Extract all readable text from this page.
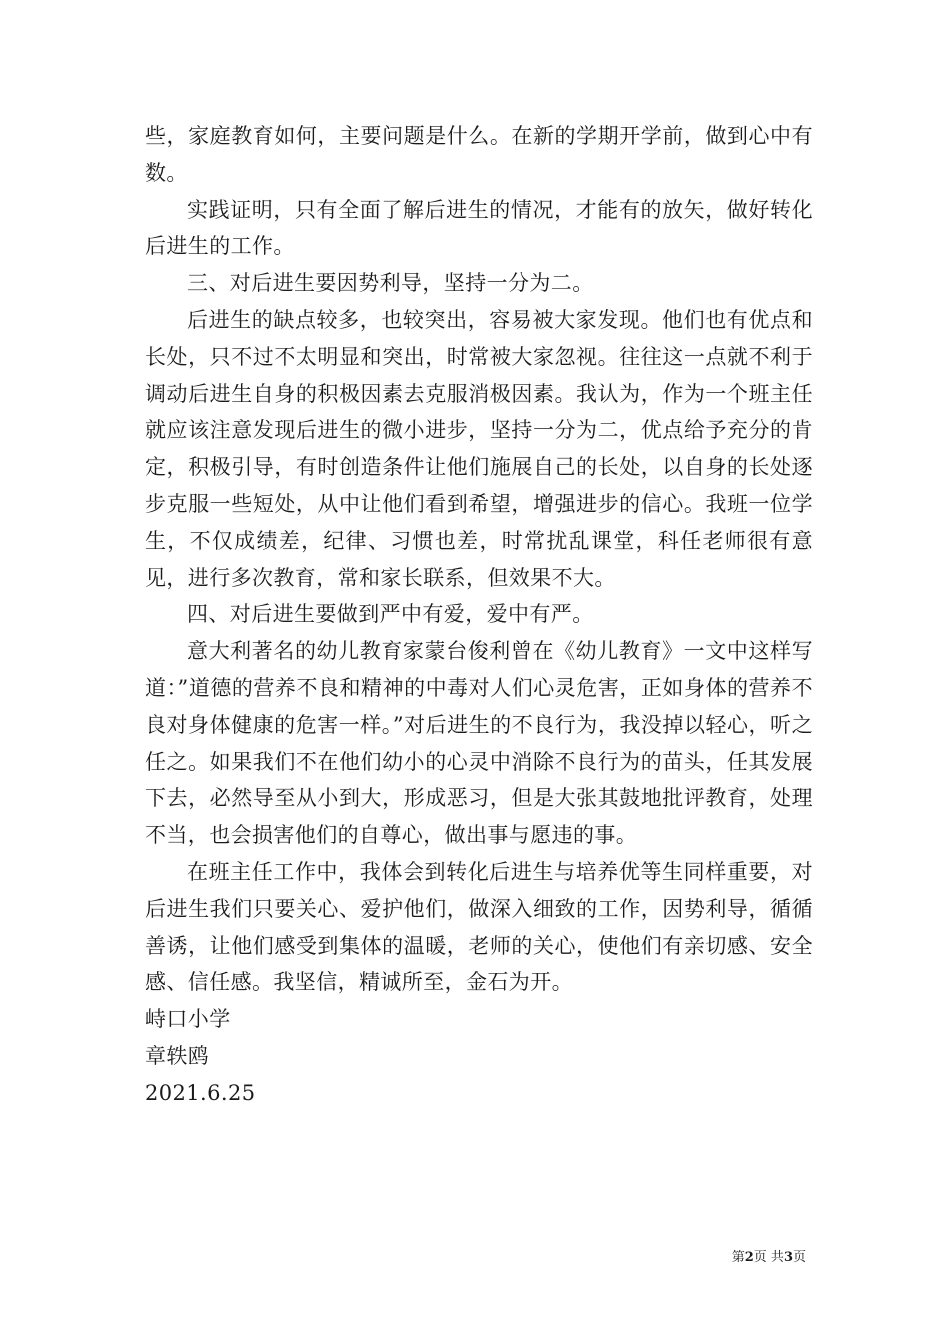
些，家庭教育如何，主要问题是什么。在新的学期开学前，做到心中有数。

实践证明，只有全面了解后进生的情况，才能有的放矢，做好转化后进生的工作。

三、对后进生要因势利导，坚持一分为二。

后进生的缺点较多，也较突出，容易被大家发现。他们也有优点和长处，只不过不太明显和突出，时常被大家忽视。往往这一点就不利于调动后进生自身的积极因素去克服消极因素。我认为，作为一个班主任就应该注意发现后进生的微小进步，坚持一分为二，优点给予充分的肯定，积极引导，有时创造条件让他们施展自己的长处，以自身的长处逐步克服一些短处，从中让他们看到希望，增强进步的信心。我班一位学生，不仅成绩差，纪律、习惯也差，时常扰乱课堂，科任老师很有意见，进行多次教育，常和家长联系，但效果不大。

四、对后进生要做到严中有爱，爱中有严。

意大利著名的幼儿教育家蒙台俊利曾在《幼儿教育》一文中这样写道：”道德的营养不良和精神的中毒对人们心灵危害，正如身体的营养不良对身体健康的危害一样。”对后进生的不良行为，我没掉以轻心，听之任之。如果我们不在他们幼小的心灵中消除不良行为的苗头，任其发展下去，必然导至从小到大，形成恶习，但是大张其鼓地批评教育，处理不当，也会损害他们的自尊心，做出事与愿违的事。

在班主任工作中，我体会到转化后进生与培养优等生同样重要，对后进生我们只要关心、爱护他们，做深入细致的工作，因势利导，循循善诱，让他们感受到集体的温暖，老师的关心，使他们有亲切感、安全感、信任感。我坚信，精诚所至，金石为开。

峙口小学

章轶鸥

2021.6.25

第2页 共3页
